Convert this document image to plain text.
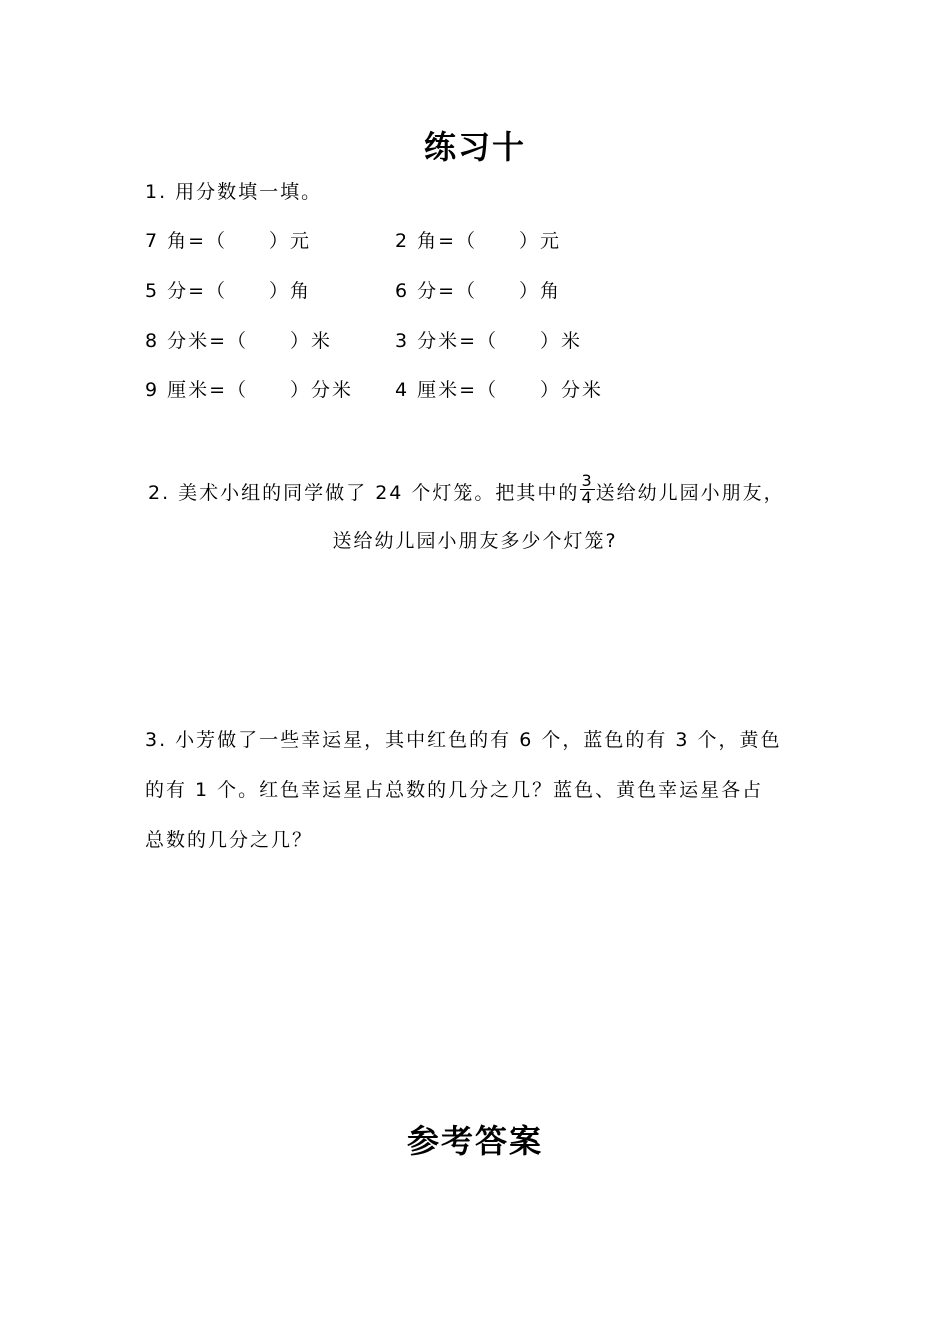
练习十
1. 用分数填一填。
7 角=（　　）元	2 角=（　　）元
5 分=（　　）角	6 分=（　　）角
8 分米=（　　）米	3 分米=（　　）米
9 厘米=（　　）分米 4 厘米=（　　）分米
2. 美术小组的同学做了 24 个灯笼。把其中的 $\frac{3}{4}$ 送给幼儿园小朋友，
送给幼儿园小朋友多少个灯笼?
3. 小芳做了一些幸运星，其中红色的有 6 个，蓝色的有 3 个，黄色
的有 1 个。红色幸运星占总数的几分之几？蓝色、黄色幸运星各占
总数的几分之几？
参考答案
